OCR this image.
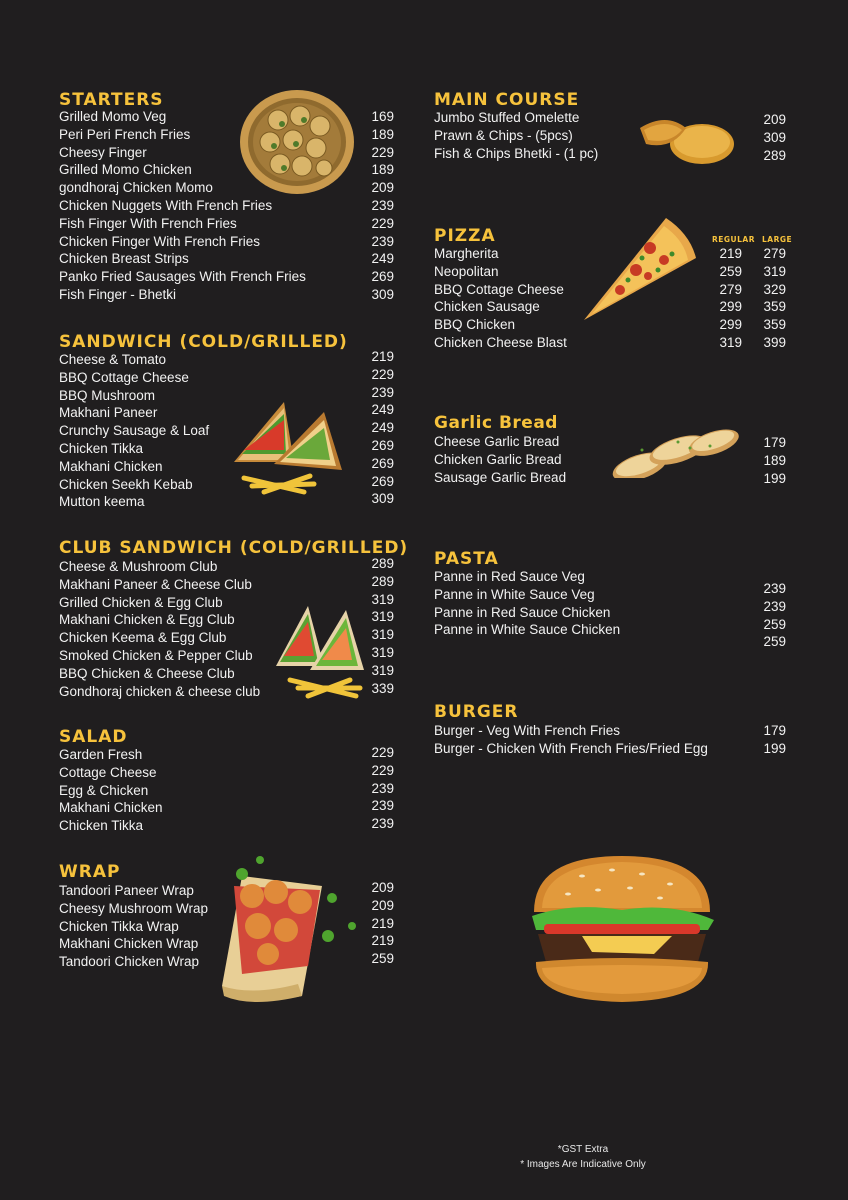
STARTERS
169
189
229
189
209
239
229
239
249
269
309
SANDWICH (COLD/GRILLED)
219
229
239
249
249
269
269
269
309
CLUB SANDWICH (COLD/GRILLED)
289
289
319
319
319
319
319
339
SALAD
229
229
239
239
239
WRAP
209
209
219
219
259
MAIN COURSE
209
309
289
PIZZA	REGULAR LARGE
219
259
279
299
299
319
279
319
329
359
359
399
Garlic Bread
179
189
199
PASTA
239
239
259
259
BURGER
179
199
*GST Extra
* Images Are Indicative Only
Grilled Momo Veg
Peri Peri French Fries
Cheesy Finger
Grilled Momo Chicken
gondhoraj Chicken Momo
Chicken Nuggets With French Fries
Fish Finger With French Fries
Chicken Finger With French Fries
Chicken Breast Strips
Panko Fried Sausages With French Fries
Fish Finger - Bhetki
Cheese & Tomato
BBQ Cottage Cheese
BBQ Mushroom
Makhani Paneer
Crunchy Sausage & Loaf
Chicken Tikka
Makhani Chicken
Chicken Seekh Kebab
Mutton keema
Cheese & Mushroom Club
Makhani Paneer & Cheese Club
Grilled Chicken & Egg Club
Makhani Chicken & Egg Club
Chicken Keema & Egg Club
Smoked Chicken & Pepper Club
BBQ Chicken & Cheese Club
Gondhoraj chicken & cheese club
Garden Fresh
Cottage Cheese
Egg & Chicken
Makhani Chicken
Chicken Tikka
Tandoori Paneer Wrap
Cheesy Mushroom Wrap
Chicken Tikka Wrap
Makhani Chicken Wrap
Tandoori Chicken Wrap
Jumbo Stuffed Omelette
Prawn & Chips - (5pcs)
Fish & Chips Bhetki - (1 pc)
Margherita
Neopolitan
BBQ Cottage Cheese
Chicken Sausage
BBQ Chicken
Chicken Cheese Blast
Cheese Garlic Bread
Chicken Garlic Bread
Sausage Garlic Bread
Panne in Red Sauce Veg
Panne in White Sauce Veg
Panne in Red Sauce Chicken
Panne in White Sauce Chicken
Burger - Veg With French Fries
Burger - Chicken With French Fries/Fried Egg
